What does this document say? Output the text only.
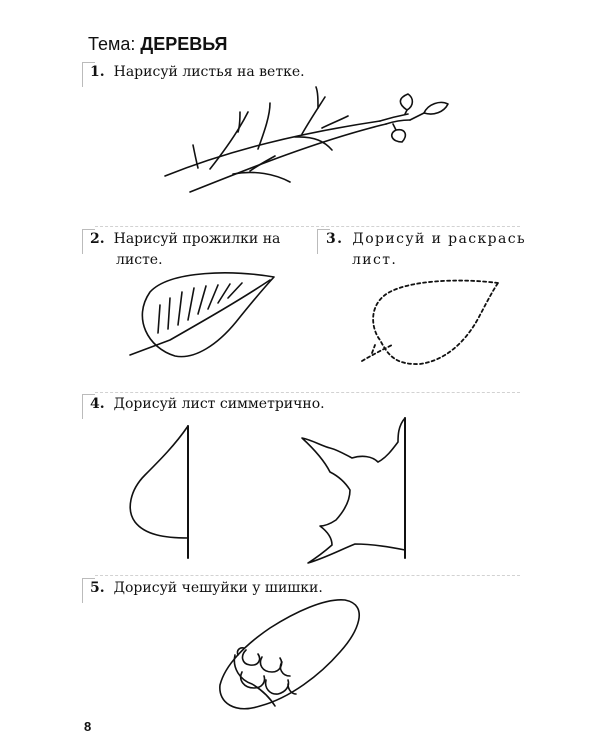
Тема: ДЕРЕВЬЯ
1. Нарисуй листья на ветке.
2. Нарисуй прожилки на
листе.
3. Дорисуй и раскрась
лист.
4. Дорисуй лист симметрично.
5. Дорисуй чешуйки у шишки.
8
